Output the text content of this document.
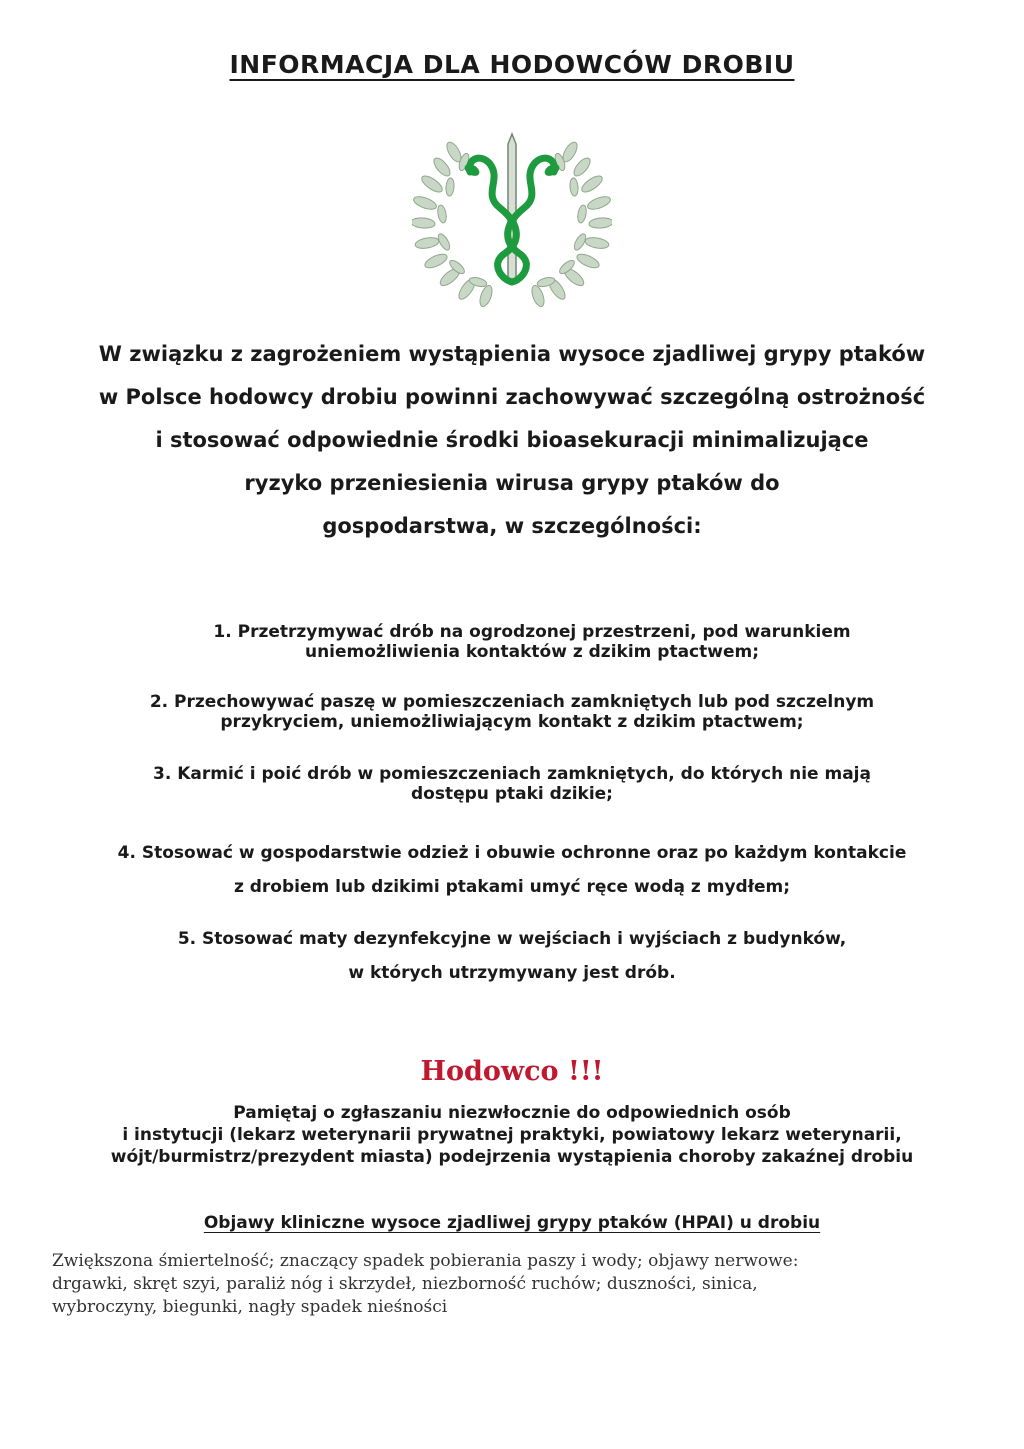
INFORMACJA DLA HODOWCÓW DROBIU
W związku z zagrożeniem wystąpienia wysoce zjadliwej grypy ptaków
w Polsce hodowcy drobiu powinni zachowywać szczególną ostrożność
i stosować odpowiednie środki bioasekuracji minimalizujące
ryzyko przeniesienia wirusa grypy ptaków do
gospodarstwa, w szczególności:
1. Przetrzymywać drób na ogrodzonej przestrzeni, pod warunkiem
uniemożliwienia kontaktów z dzikim ptactwem;
2. Przechowywać paszę w pomieszczeniach zamkniętych lub pod szczelnym
przykryciem, uniemożliwiającym kontakt z dzikim ptactwem;
3. Karmić i poić drób w pomieszczeniach zamkniętych, do których nie mają
dostępu ptaki dzikie;
4. Stosować w gospodarstwie odzież i obuwie ochronne oraz po każdym kontakcie
z drobiem lub dzikimi ptakami umyć ręce wodą z mydłem;
5. Stosować maty dezynfekcyjne w wejściach i wyjściach z budynków,
w których utrzymywany jest drób.
Hodowco !!!
Pamiętaj o zgłaszaniu niezwłocznie do odpowiednich osób
i instytucji (lekarz weterynarii prywatnej praktyki, powiatowy lekarz weterynarii,
wójt/burmistrz/prezydent miasta) podejrzenia wystąpienia choroby zakaźnej drobiu
Objawy kliniczne wysoce zjadliwej grypy ptaków (HPAI) u drobiu
Zwiększona śmiertelność; znaczący spadek pobierania paszy i wody; objawy nerwowe:
drgawki, skręt szyi, paraliż nóg i skrzydeł, niezborność ruchów; duszności, sinica,
wybroczyny, biegunki, nagły spadek nieśności
